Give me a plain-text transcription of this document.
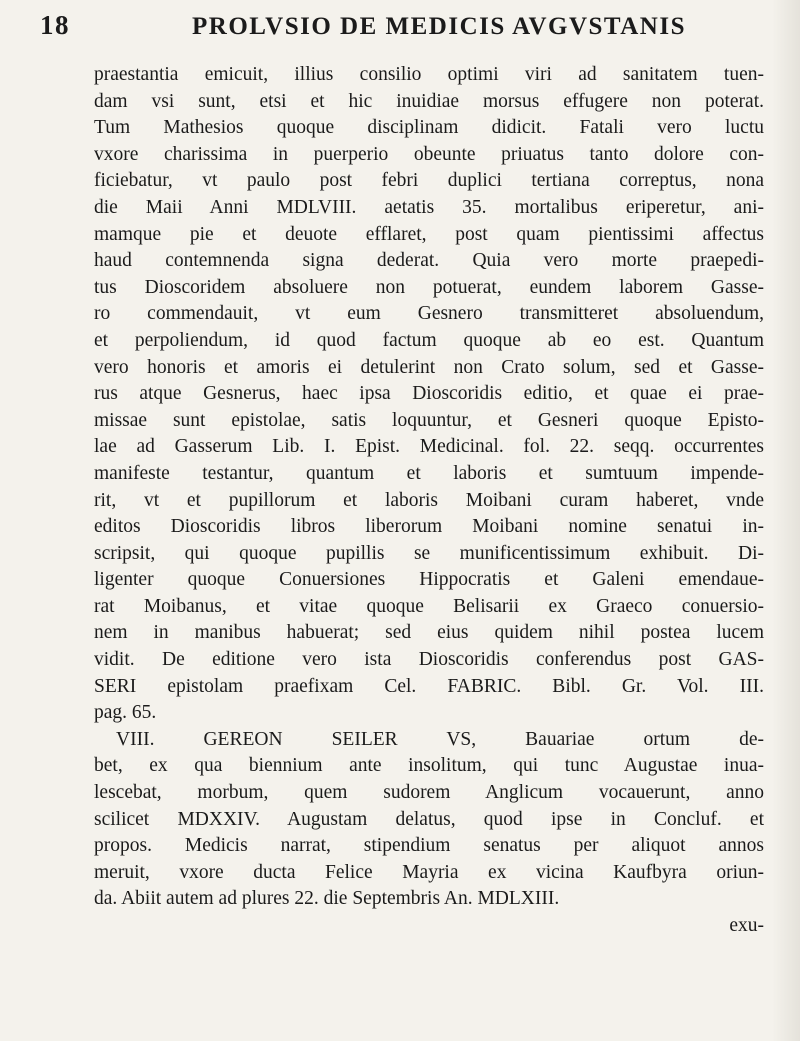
18	PROLVSIO DE MEDICIS AVGVSTANIS
praestantia emicuit, illius consilio optimi viri ad sanitatem tuen-
dam vsi sunt, etsi et hic inuidiae morsus effugere non poterat.
Tum Mathesios quoque disciplinam didicit. Fatali vero luctu
vxore charissima in puerperio obeunte priuatus tanto dolore con-
ficiebatur, vt paulo post febri duplici tertiana correptus, nona
die Maii Anni MDLVIII. aetatis 35. mortalibus eriperetur, ani-
mamque pie et deuote efflaret, post quam pientissimi affectus
haud contemnenda signa dederat. Quia vero morte praepedi-
tus Dioscoridem absoluere non potuerat, eundem laborem Gasse-
ro commendauit, vt eum Gesnero transmitteret absoluendum,
et perpoliendum, id quod factum quoque ab eo est. Quantum
vero honoris et amoris ei detulerint non Crato solum, sed et Gasse-
rus atque Gesnerus, haec ipsa Dioscoridis editio, et quae ei prae-
missae sunt epistolae, satis loquuntur, et Gesneri quoque Episto-
lae ad Gasserum Lib. I. Epist. Medicinal. fol. 22. seqq. occurrentes
manifeste testantur, quantum et laboris et sumtuum impende-
rit, vt et pupillorum et laboris Moibani curam haberet, vnde
editos Dioscoridis libros liberorum Moibani nomine senatui in-
scripsit, qui quoque pupillis se munificentissimum exhibuit. Di-
ligenter quoque Conuersiones Hippocratis et Galeni emendaue-
rat Moibanus, et vitae quoque Belisarii ex Graeco conuersio-
nem in manibus habuerat; sed eius quidem nihil postea lucem
vidit. De editione vero ista Dioscoridis conferendus post GAS-
SERI epistolam praefixam Cel. FABRIC. Bibl. Gr. Vol. III.
pag. 65.
VIII. GEREON SEILER VS, Bauariae ortum de-
bet, ex qua biennium ante insolitum, qui tunc Augustae inua-
lescebat, morbum, quem sudorem Anglicum vocauerunt, anno
scilicet MDXXIV. Augustam delatus, quod ipse in Concluf. et
propos. Medicis narrat, stipendium senatus per aliquot annos
meruit, vxore ducta Felice Mayria ex vicina Kaufbyra oriun-
da. Abiit autem ad plures 22. die Septembris An. MDLXIII.
exu-
